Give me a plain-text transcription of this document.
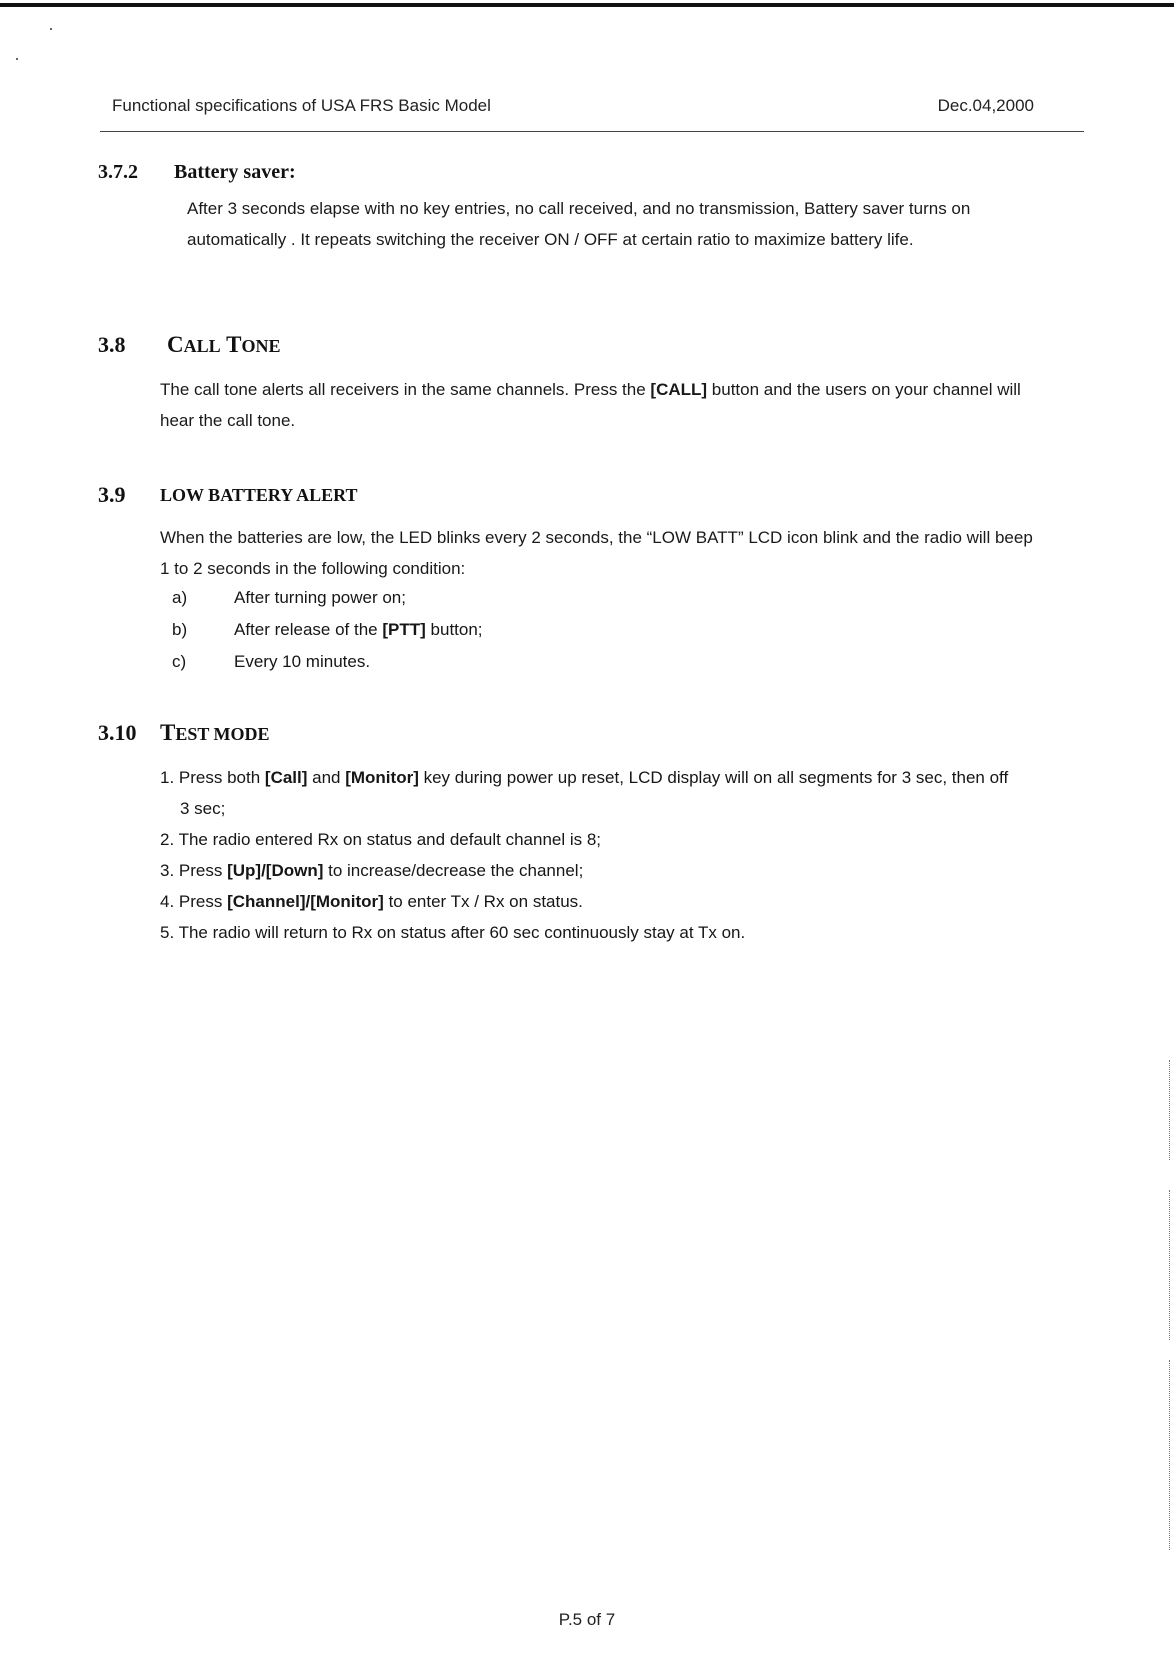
Functional specifications of USA FRS Basic Model	Dec.04,2000
3.7.2 Battery saver:
After 3 seconds elapse with no key entries, no call received, and no transmission, Battery saver turns on automatically . It repeats switching the receiver ON / OFF at certain ratio to maximize battery life.
3.8 CALL TONE
The call tone alerts all receivers in the same channels. Press the [CALL] button and the users on your channel will hear the call tone.
3.9 LOW BATTERY ALERT
When the batteries are low, the LED blinks every 2 seconds, the “LOW BATT” LCD icon blink and the radio will beep 1 to 2 seconds in the following condition:
a)	After turning power on;
b)	After release of the [PTT] button;
c)	Every 10 minutes.
3.10 TEST MODE
1. Press both [Call] and [Monitor] key during power up reset, LCD display will on all segments for 3 sec, then off 3 sec;
2. The radio entered Rx on status and default channel is 8;
3. Press [Up]/[Down] to increase/decrease the channel;
4. Press [Channel]/[Monitor] to enter Tx / Rx on status.
5. The radio will return to Rx on status after 60 sec continuously stay at Tx on.
P.5 of 7
